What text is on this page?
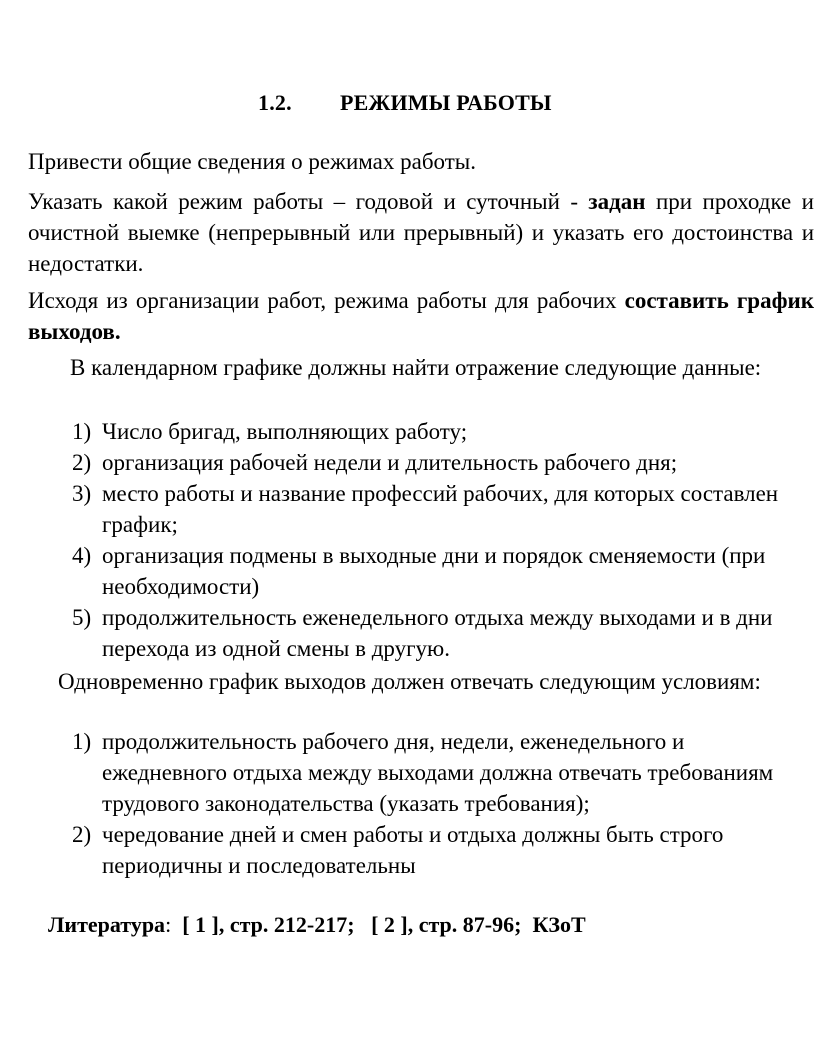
1.2. РЕЖИМЫ РАБОТЫ
Привести общие сведения о режимах работы.
Указать какой режим работы – годовой и суточный - задан при проходке и очистной выемке (непрерывный или прерывный) и указать его достоинства и недостатки.
Исходя из организации работ, режима работы для рабочих составить график выходов.
В календарном графике должны найти отражение следующие данные:
1) Число бригад, выполняющих работу;
2) организация рабочей недели и длительность рабочего дня;
3) место работы и название профессий рабочих, для которых составлен график;
4) организация подмены в выходные дни и порядок сменяемости (при необходимости)
5) продолжительность еженедельного отдыха между выходами и в дни перехода из одной смены в другую.
Одновременно график выходов должен отвечать следующим условиям:
1) продолжительность рабочего дня, недели, еженедельного и ежедневного отдыха между выходами должна отвечать требованиям трудового законодательства (указать требования);
2) чередование дней и смен работы и отдыха должны быть строго периодичны и последовательны
Литература:  [ 1 ], стр. 212-217;   [ 2 ], стр. 87-96;  КЗоТ
